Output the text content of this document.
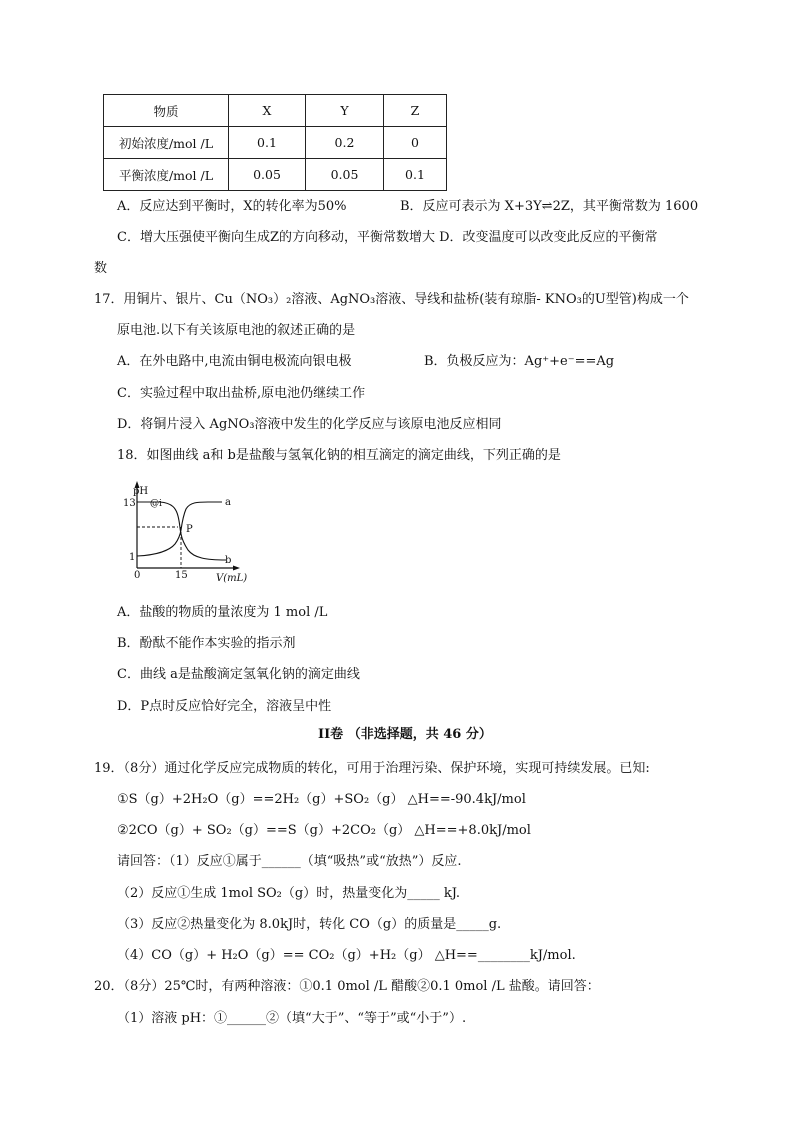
物质	X	Y	Z
初始浓度/mol /L	0.1	0.2	0
平衡浓度/mol /L	0.05	0.05	0.1
A．反应达到平衡时，X的转化率为50%	B．反应可表示为 X+3Y⇌2Z，其平衡常数为 1600
C．增大压强使平衡向生成Z的方向移动，平衡常数增大 D．改变温度可以改变此反应的平衡常
数
17．用铜片、银片、Cu（NO₃）₂溶液、AgNO₃溶液、导线和盐桥(装有琼脂- KNO₃的U型管)构成一个
原电池.以下有关该原电池的叙述正确的是
A．在外电路中,电流由铜电极流向银电极	B．负极反应为：Ag⁺+e⁻==Ag
C．实验过程中取出盐桥,原电池仍继续工作
D．将铜片浸入 AgNO₃溶液中发生的化学反应与该原电池反应相同
18．如图曲线 a和 b是盐酸与氢氧化钠的相互滴定的滴定曲线，下列正确的是
pH
13
1
0	15	V(mL)
a
b
P
@i
A．盐酸的物质的量浓度为 1 mol /L
B．酚酞不能作本实验的指示剂
C．曲线 a是盐酸滴定氢氧化钠的滴定曲线
D．P点时反应恰好完全，溶液呈中性
II卷 （非选择题，共 46 分）
19．（8分）通过化学反应完成物质的转化，可用于治理污染、保护环境，实现可持续发展。已知:
①S（g）+2H₂O（g）==2H₂（g）+SO₂（g） △H==-90.4kJ/mol
②2CO（g）+ SO₂（g）==S（g）+2CO₂（g） △H==+8.0kJ/mol
请回答：（1）反应①属于______（填“吸热”或“放热”）反应.
（2）反应①生成 1mol SO₂（g）时，热量变化为_____ kJ.
（3）反应②热量变化为 8.0kJ时，转化 CO（g）的质量是_____g.
（4）CO（g）+ H₂O（g）== CO₂（g）+H₂（g） △H==________kJ/mol.
20．（8分）25℃时，有两种溶液：①0.1 0mol /L 醋酸②0.1 0mol /L 盐酸。请回答：
（1）溶液 pH：①______②（填“大于”、“等于”或“小于”）.
